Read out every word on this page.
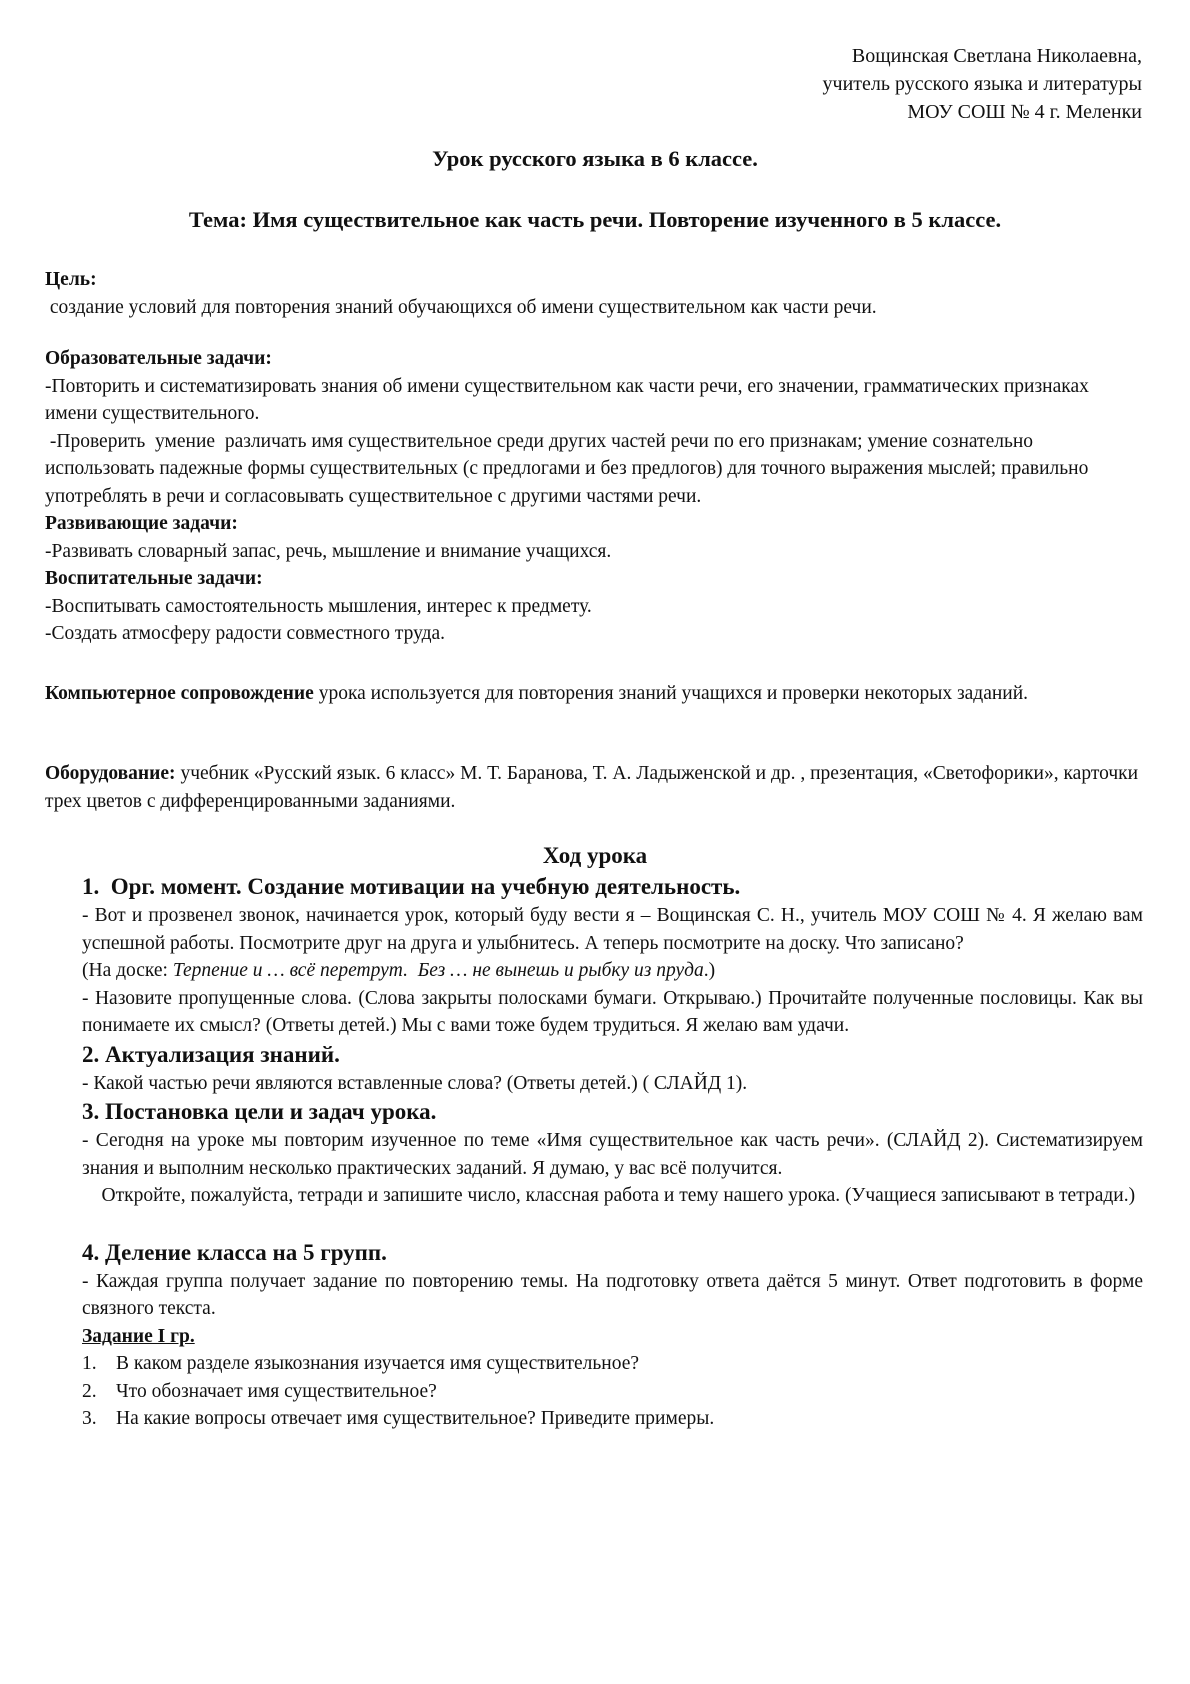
Вощинская Светлана Николаевна,
учитель русского языка и литературы
МОУ СОШ № 4 г. Меленки
Урок русского языка в 6 классе.
Тема: Имя существительное как часть речи. Повторение изученного в 5 классе.

Цель:

создание условий для повторения знаний обучающихся об имени существительном как части речи.

Образовательные задачи:

-Повторить и систематизировать знания об имени существительном как части речи, его значении, грамматических признаках имени существительного.

-Проверить  умение  различать имя существительное среди других частей речи по его признакам; умение сознательно использовать падежные формы существительных (с предлогами и без предлогов) для точного выражения мыслей; правильно употреблять в речи и согласовывать существительное с другими частями речи.

Развивающие задачи:

-Развивать словарный запас, речь, мышление и внимание учащихся.

Воспитательные задачи:

-Воспитывать самостоятельность мышления, интерес к предмету.

-Создать атмосферу радости совместного труда.

Компьютерное сопровождение урока используется для повторения знаний учащихся и проверки некоторых заданий.

Оборудование: учебник «Русский язык. 6 класс» М. Т. Баранова, Т. А. Ладыженской и др. , презентация, «Светофорики», карточки трех цветов с дифференцированными заданиями.

Ход урока

1.  Орг. момент. Создание мотивации на учебную деятельность.

- Вот и прозвенел звонок, начинается урок, который буду вести я – Вощинская С. Н., учитель МОУ СОШ № 4. Я желаю вам успешной работы. Посмотрите друг на друга и улыбнитесь. А теперь посмотрите на доску. Что записано?

(На доске: Терпение и … всё перетрут.  Без … не вынешь и рыбку из пруда.)

- Назовите пропущенные слова. (Слова закрыты полосками бумаги. Открываю.) Прочитайте полученные пословицы. Как вы понимаете их смысл? (Ответы детей.) Мы с вами тоже будем трудиться. Я желаю вам удачи.

2. Актуализация знаний.

- Какой частью речи являются вставленные слова? (Ответы детей.) ( СЛАЙД 1).

3. Постановка цели и задач урока.

- Сегодня на уроке мы повторим изученное по теме «Имя существительное как часть речи». (СЛАЙД 2). Систематизируем знания и выполним несколько практических заданий. Я думаю, у вас всё получится.

Откройте, пожалуйста, тетради и запишите число, классная работа и тему нашего урока. (Учащиеся записывают в тетради.)

4. Деление класса на 5 групп.

- Каждая группа получает задание по повторению темы. На подготовку ответа даётся 5 минут. Ответ подготовить в форме связного текста.

Задание I гр.

1. В каком разделе языкознания изучается имя существительное?
2. Что обозначает имя существительное?
3. На какие вопросы отвечает имя существительное? Приведите примеры.
